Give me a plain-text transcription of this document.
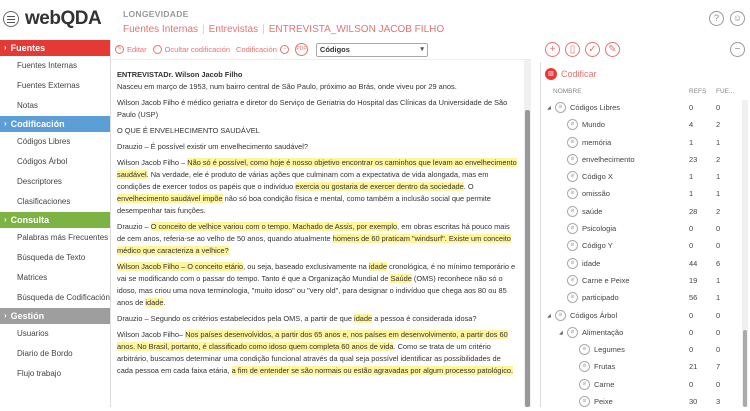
webQDA	LONGEVIDADE
Fuentes Internas | Entrevistas | ENTREVISTA_WILSON JACOB FILHO
?	☺
› Fuentes
Fuentes Internas
Fuentes Externas
Notas
› Codificación
Códigos Libres
Códigos Árbol
Descriptores
Clasificaciones
› Consulta
Palabras más Frecuentes
Búsqueda de Texto
Matrices
Búsqueda de Codificación
› Gestión
Usuarios
Diario de Bordo
Flujo trabajo
✎ Editar	◌ Ocultar codificación Codificación −	PDF	Códigos	▾

ENTREVISTADr. Wilson Jacob Filho

Nasceu em março de 1953, num bairro central de São Paulo, próximo ao Brás, onde viveu por 29 anos.

Wilson Jacob Filho é médico geriatra e diretor do Serviço de Geriatria do Hospital das Clínicas da Universidade de São Paulo (USP)

O QUE É ENVELHECIMENTO SAUDÁVEL

Drauzio – É possível existir um envelhecimento saudável?

Wilson Jacob Filho – Não só é possível, como hoje é nosso objetivo encontrar os caminhos que levam ao envelhecimento saudável. Na verdade, ele é produto de várias ações que culminam com a expectativa de vida alongada, mas em condições de exercer todos os papéis que o indivíduo exercia ou gostaria de exercer dentro da sociedade. O envelhecimento saudável impõe não só boa condição física e mental, como também a inclusão social que permite desempenhar tais funções.

Drauzio – O conceito de velhice variou com o tempo. Machado de Assis, por exemplo, em obras escritas há pouco mais de cem anos, referia-se ao velho de 50 anos, quando atualmente homens de 60 praticam "windsurf". Existe um conceito médico que caracteriza a velhice?

Wilson Jacob Filho – O conceito etário, ou seja, baseado exclusivamente na idade cronológica, é no mínimo temporário e vai se modificando com o passar do tempo. Tanto é que a Organização Mundial de Saúde (OMS) reconhece não só o idoso, mas criou uma nova terminologia, "muito idoso" ou "very old", para designar o indivíduo que chega aos 80 ou 85 anos de idade.

Drauzio – Segundo os critérios estabelecidos pela OMS, a partir de que idade a pessoa é considerada idosa?

Wilson Jacob Filho– Nos países desenvolvidos, a partir dos 65 anos e, nos países em desenvolvimento, a partir dos 60 anos. No Brasil, portanto, é classificado como idoso quem completa 60 anos de vida. Como se trata de um critério arbitrário, buscamos determinar uma condição funcional através da qual seja possível identificar as possibilidades de cada pessoa em cada faixa etária, a fim de entender se são normais ou estão agravadas por algum processo patológico.

+	▯	✓	✎	−
▥ Codificar
NOMBRE	REFS FUE...
◢	⊘ Códigos Libres	0	0
⊘ Mundo	4	2
⊘ memória	1	1
⊘ envelhecimento	23 2
⊘ Código X	1	1
⊘ omissão	1	1
⊘ saúde	28 2
⊘ Psicologia	0	0
⊘ Código Y	0	0
⊘ idade	44 6
⊘ Carne e Peixe	19 1
⊘ participado	56 1
◢	⊘ Códigos Árbol	0	0
◢	⊘ Alimentação	0	0
⊘ Legumes	0	0
⊘ Frutas	21 7
⊘ Carne	0	0
⊘ Peixe	30 3
